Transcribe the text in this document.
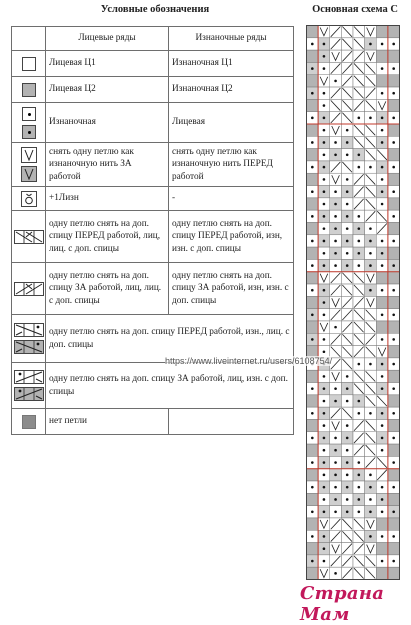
Условные обозначения	Основная схема С
	Лицевые ряды	Изнаночные ряды

	Лицевая Ц1	Изнаночная Ц1

	Лицевая Ц2	Изнаночная Ц2

	Изнаночная	Лицевая

	снять одну петлю как изнаночную нить ЗА работой	снять одну петлю как изнаночную нить ПЕРЕД работой

	+1Лизн	-

	одну петлю снять на доп. спицу ПЕРЕД работой, лиц, лиц. с доп. спицы	одну петлю снять на доп. спицу ПЕРЕД работой, изн, изн. с доп. спицы

	одну петлю снять на доп. спицу ЗА работой, лиц, лиц. с доп. спицы	одну петлю снять на доп. спицу ЗА работой, изн, изн. с доп. спицы

	одну петлю снять на доп. спицу ПЕРЕД работой, изн., лиц. с доп. спицы	

	одну петлю снять на доп. спицу ЗА работой, лиц, изн. с доп. спицы	

	нет петли	
https://www.liveinternet.ru/users/6108754/
Страна Мам
